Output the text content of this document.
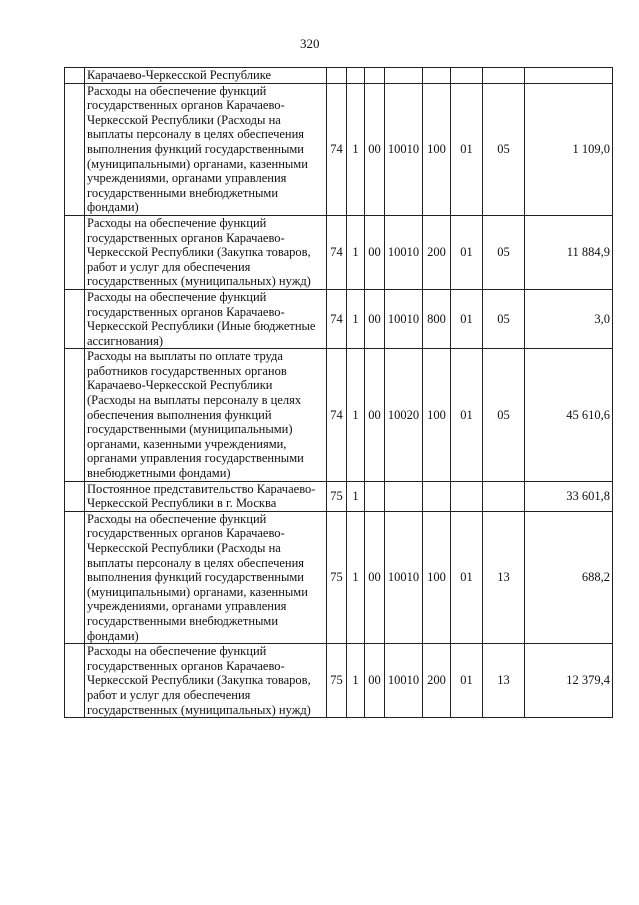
320
	Карачаево-Черкесской Республике								
	Расходы на обеспечение функций государственных органов Карачаево-Черкесской Республики (Расходы на выплаты персоналу в целях обеспечения выполнения функций государственными (муниципальными) органами, казенными учреждениями, органами управления государственными внебюджетными фондами)	74	1	00	10010	100	01	05	1 109,0
	Расходы на обеспечение функций государственных органов Карачаево-Черкесской Республики (Закупка товаров, работ и услуг для обеспечения государственных (муниципальных) нужд)	74	1	00	10010	200	01	05	11 884,9
	Расходы на обеспечение функций государственных органов Карачаево-Черкесской Республики (Иные бюджетные ассигнования)	74	1	00	10010	800	01	05	3,0
	Расходы на выплаты по оплате труда работников государственных органов Карачаево-Черкесской Республики (Расходы на выплаты персоналу в целях обеспечения выполнения функций государственными (муниципальными) органами, казенными учреждениями, органами управления государственными внебюджетными фондами)	74	1	00	10020	100	01	05	45 610,6
	Постоянное представительство Карачаево-Черкесской Республики в г. Москва	75	1						33 601,8
	Расходы на обеспечение функций государственных органов Карачаево-Черкесской Республики (Расходы на выплаты персоналу в целях обеспечения выполнения функций государственными (муниципальными) органами, казенными учреждениями, органами управления государственными внебюджетными фондами)	75	1	00	10010	100	01	13	688,2
	Расходы на обеспечение функций государственных органов Карачаево-Черкесской Республики (Закупка товаров, работ и услуг для обеспечения государственных (муниципальных) нужд)	75	1	00	10010	200	01	13	12 379,4
